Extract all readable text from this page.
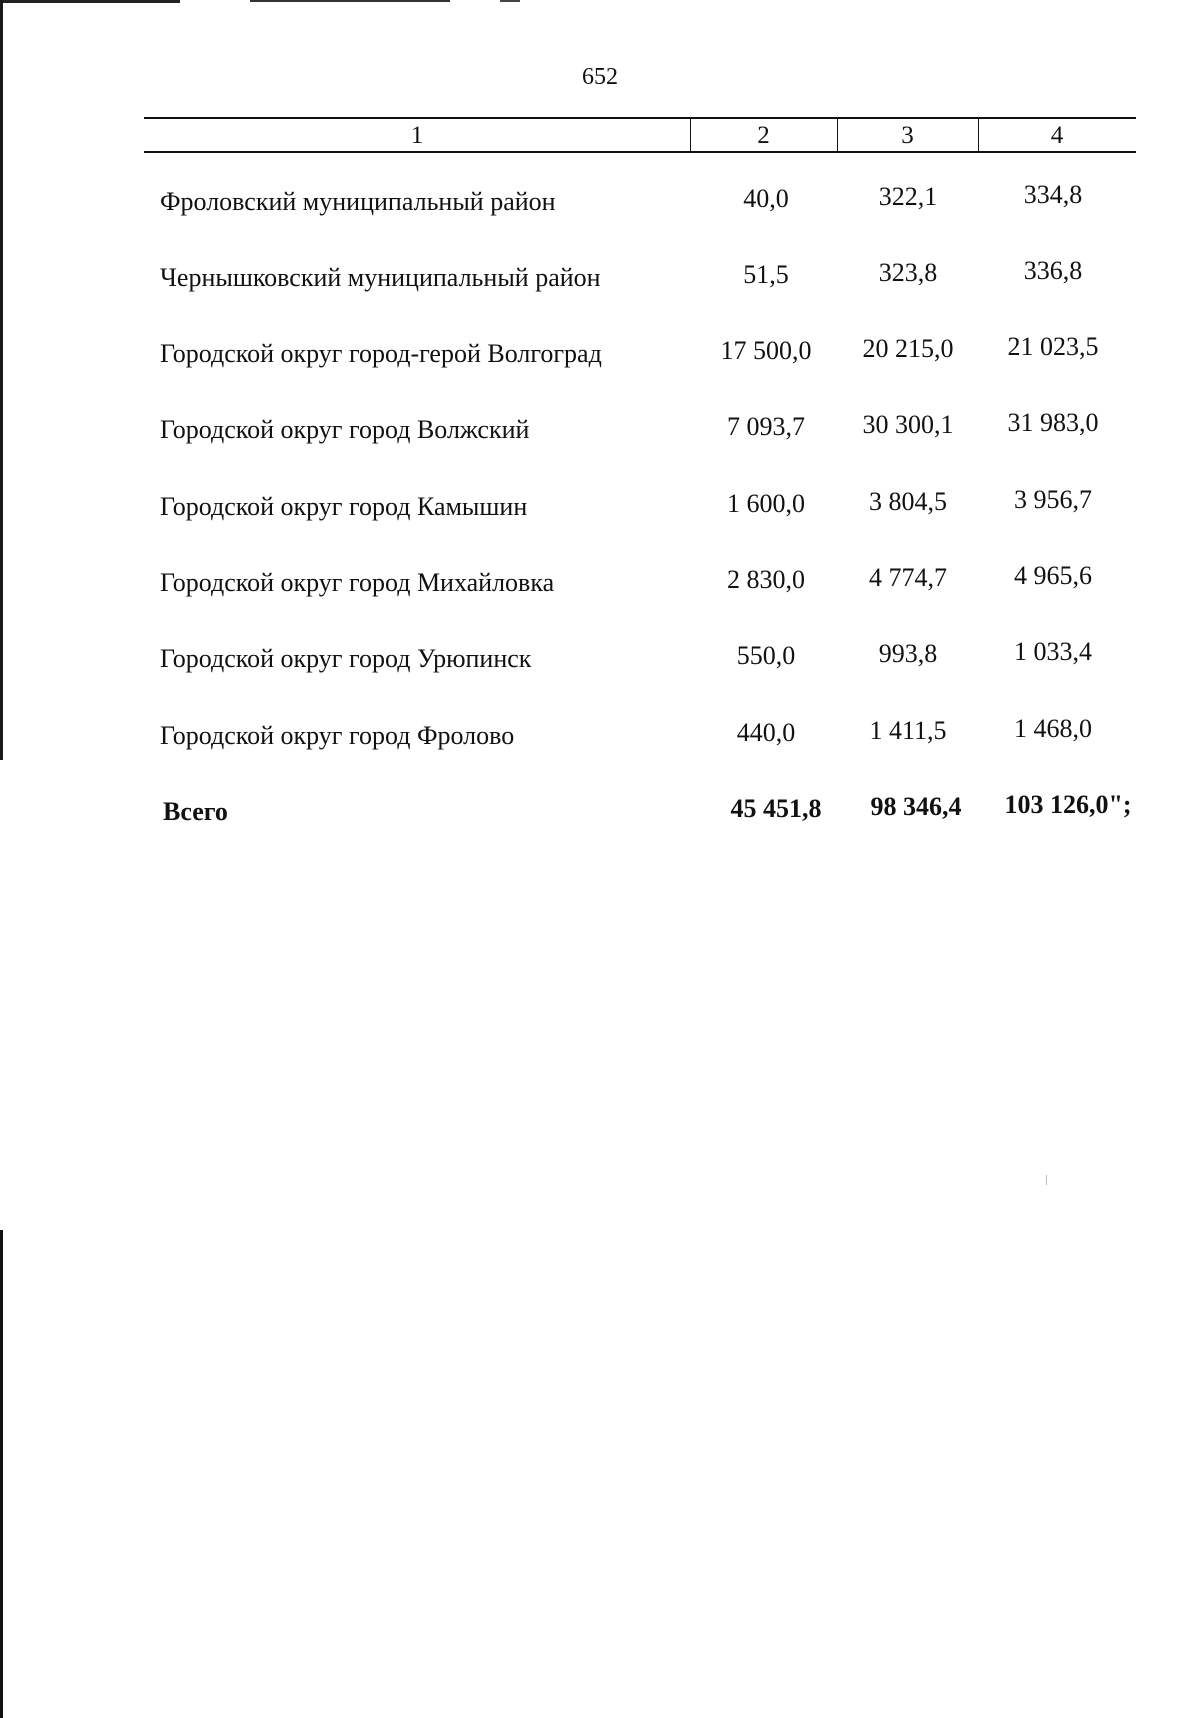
652
1	2	3	4
Фроловский муниципальный район	40,0	322,1	334,8
Чернышковский муниципальный район	51,5	323,8	336,8
Городской округ город-герой Волгоград	17 500,0	20 215,0	21 023,5
Городской округ город Волжский	7 093,7	30 300,1	31 983,0
Городской округ город Камышин	1 600,0	3 804,5	3 956,7
Городской округ город Михайловка	2 830,0	4 774,7	4 965,6
Городской округ город Урюпинск	550,0	993,8	1 033,4
Городской округ город Фролово	440,0	1 411,5	1 468,0
Всего	45 451,8	98 346,4	103 126,0";
